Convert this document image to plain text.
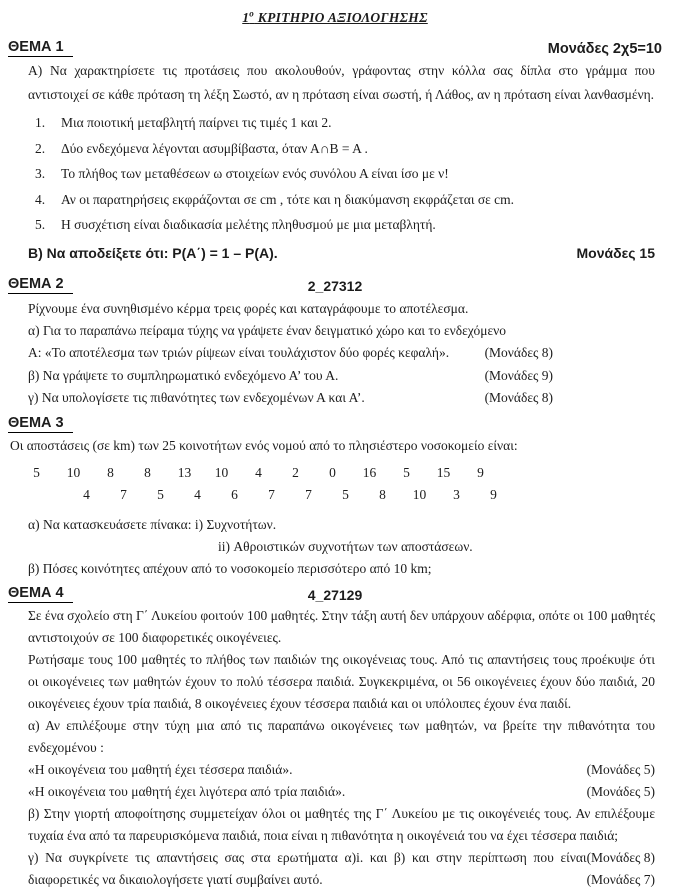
$1^o$ ΚΡΙΤΗΡΙΟ ΑΞΙΟΛΟΓΗΣΗΣ
ΘΕΜΑ 1	Μονάδες 2χ5=10
Α) Να χαρακτηρίσετε τις προτάσεις που ακολουθούν, γράφοντας στην κόλλα σας δίπλα στο γράμμα που αντιστοιχεί σε κάθε πρόταση τη λέξη Σωστό, αν η πρόταση είναι σωστή, ή Λάθος, αν η πρόταση είναι λανθασμένη.
1.	Μια ποιοτική μεταβλητή παίρνει τις τιμές 1 και 2.
2.	Δύο ενδεχόμενα λέγονται ασυμβίβαστα, όταν Α∩Β = Α .
3.	Το πλήθος των μεταθέσεων ω στοιχείων ενός συνόλου Α είναι ίσο με ν!
4.	Αν οι παρατηρήσεις εκφράζονται σε cm , τότε και η διακύμανση εκφράζεται σε cm.
5.	Η συσχέτιση είναι διαδικασία μελέτης πληθυσμού με μια μεταβλητή.
Β) Να αποδείξετε ότι: P(Α΄) = 1 – P(A).	Μονάδες 15
ΘΕΜΑ 2	2_27312
Ρίχνουμε ένα συνηθισμένο κέρμα τρεις φορές και καταγράφουμε το αποτέλεσμα.
α) Για το παραπάνω πείραμα τύχης να γράψετε έναν δειγματικό χώρο και το ενδεχόμενο
Α: «Το αποτέλεσμα των τριών ρίψεων είναι τουλάχιστον δύο φορές κεφαλή».	(Μονάδες 8)
β) Να γράψετε το συμπληρωματικό ενδεχόμενο Α’ του Α.	(Μονάδες 9)
γ) Να υπολογίσετε τις πιθανότητες των ενδεχομένων Α και Α’.	(Μονάδες 8)
ΘΕΜΑ 3
Οι αποστάσεις (σε km) των 25 κοινοτήτων ενός νομού από το πλησιέστερο νοσοκομείο είναι:
5	10	8	8	13	10	4	2	0	16	5	15	9
4	7	5	4	6	7	7	5	8	10	3	9
α) Να κατασκευάσετε πίνακα: i) Συχνοτήτων.
ii) Αθροιστικών συχνοτήτων των αποστάσεων.
β) Πόσες κοινότητες απέχουν από το νοσοκομείο περισσότερο από 10 km;
ΘΕΜΑ 4	4_27129
Σε ένα σχολείο στη Γ΄ Λυκείου φοιτούν 100 μαθητές. Στην τάξη αυτή δεν υπάρχουν αδέρφια, οπότε οι 100 μαθητές αντιστοιχούν σε 100 διαφορετικές οικογένειες.
Ρωτήσαμε τους 100 μαθητές το πλήθος των παιδιών της οικογένειας τους. Από τις απαντήσεις τους προέκυψε ότι οι οικογένειες των μαθητών έχουν το πολύ τέσσερα παιδιά. Συγκεκριμένα, οι 56 οικογένειες έχουν δύο παιδιά, 20 οικογένειες έχουν τρία παιδιά, 8 οικογένειες έχουν τέσσερα παιδιά και οι υπόλοιπες έχουν ένα παιδί.
α) Αν επιλέξουμε στην τύχη μια από τις παραπάνω οικογένειες των μαθητών, να βρείτε την πιθανότητα του ενδεχομένου :
«Η οικογένεια του μαθητή έχει τέσσερα παιδιά».	(Μονάδες 5)
«Η οικογένεια του μαθητή έχει λιγότερα από τρία παιδιά».	(Μονάδες 5)
β) Στην γιορτή αποφοίτησης συμμετείχαν όλοι οι μαθητές της Γ΄ Λυκείου με τις οικογένειές τους. Αν επιλέξουμε τυχαία ένα από τα παρευρισκόμενα παιδιά, ποια είναι η πιθανότητα η οικογένειά του να έχει τέσσερα παιδιά;
(Μονάδες 8)
γ) Να συγκρίνετε τις απαντήσεις σας στα ερωτήματα α)i. και β) και στην περίπτωση που είναι διαφορετικές να δικαιολογήσετε γιατί συμβαίνει αυτό.	(Μονάδες 7)
